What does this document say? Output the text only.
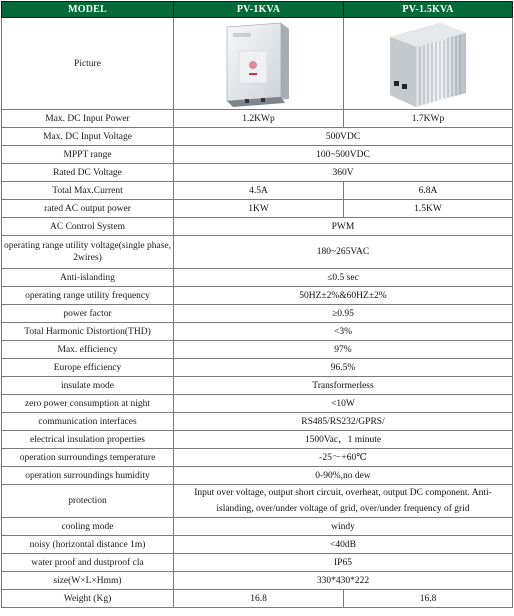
MODEL	PV-1KVA	PV-1.5KVA
Picture	

Max. DC Input Power	1.2KWp	1.7KWp
Max. DC Input Voltage	500VDC	
MPPT range	100~500VDC	
Rated DC Voltage	360V	
Total Max.Current	4.5A	6.8A
rated AC output power	1KW	1.5KW
AC Control System	PWM	
operating range utility voltage(single phase, 2wires)	180~265VAC	
Anti-islanding	≤0.5 sec	
operating range utility frequency	50HZ±2%&60HZ±2%	
power factor	≥0.95	
Total Harmonic Distortion(THD)	<3%	
Max. efficiency	97%	
Europe efficiency	96.5%	
insulate mode	Transformerless	
zero power consumption at night	<10W	
communication interfaces	RS485/RS232/GPRS/	
electrical insulation properties	1500Vac，1 minute	
operation surroundings temperature	-25～+60℃	
operation surroundings humidity	0-90%,no dew	
protection	Input over voltage, output short circuit, overheat, output DC component. Anti-islanding, over/under voltage of grid, over/under frequency of grid	
cooling mode	windy	
noisy (horizontal distance 1m)	<40dB	
water proof and dustproof cla	IP65	
size(W×L×Hmm)	330*430*222	
Weight (Kg)	16.8	16.8
